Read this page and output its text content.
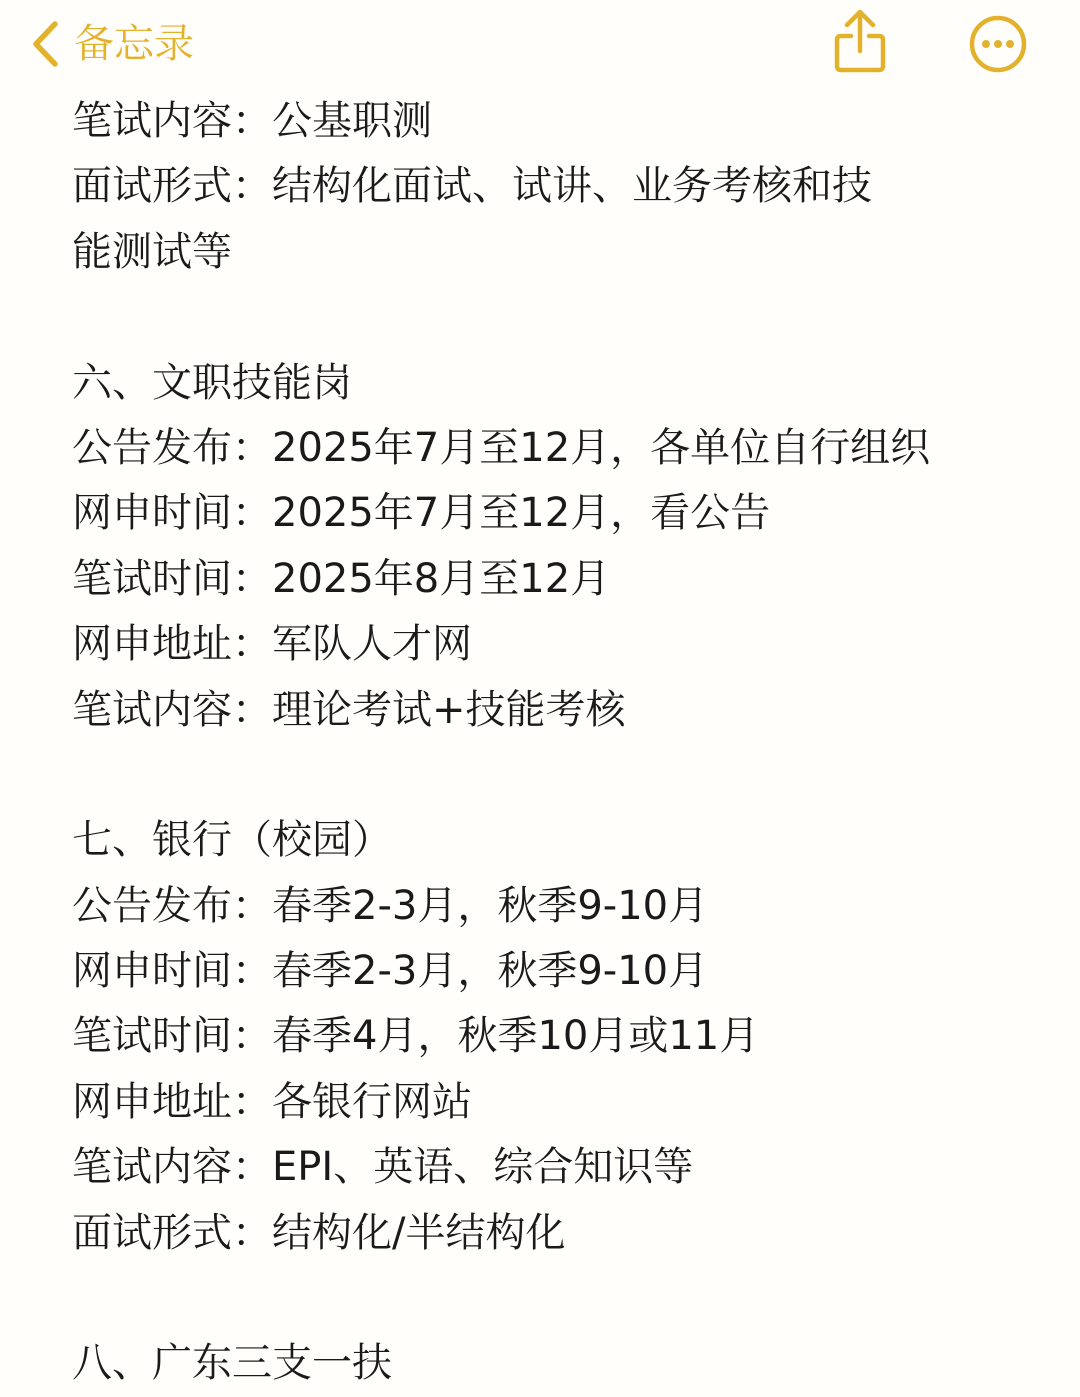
备忘录
笔试内容：公基职测
面试形式：结构化面试、试讲、业务考核和技
能测试等
六、文职技能岗
公告发布：2025年7月至12月，各单位自行组织
网申时间：2025年7月至12月，看公告
笔试时间：2025年8月至12月
网申地址：军队人才网
笔试内容：理论考试+技能考核
七、银行（校园）
公告发布：春季2-3月，秋季9-10月
网申时间：春季2-3月，秋季9-10月
笔试时间：春季4月，秋季10月或11月
网申地址：各银行网站
笔试内容：EPI、英语、综合知识等
面试形式：结构化/半结构化
八、广东三支一扶
